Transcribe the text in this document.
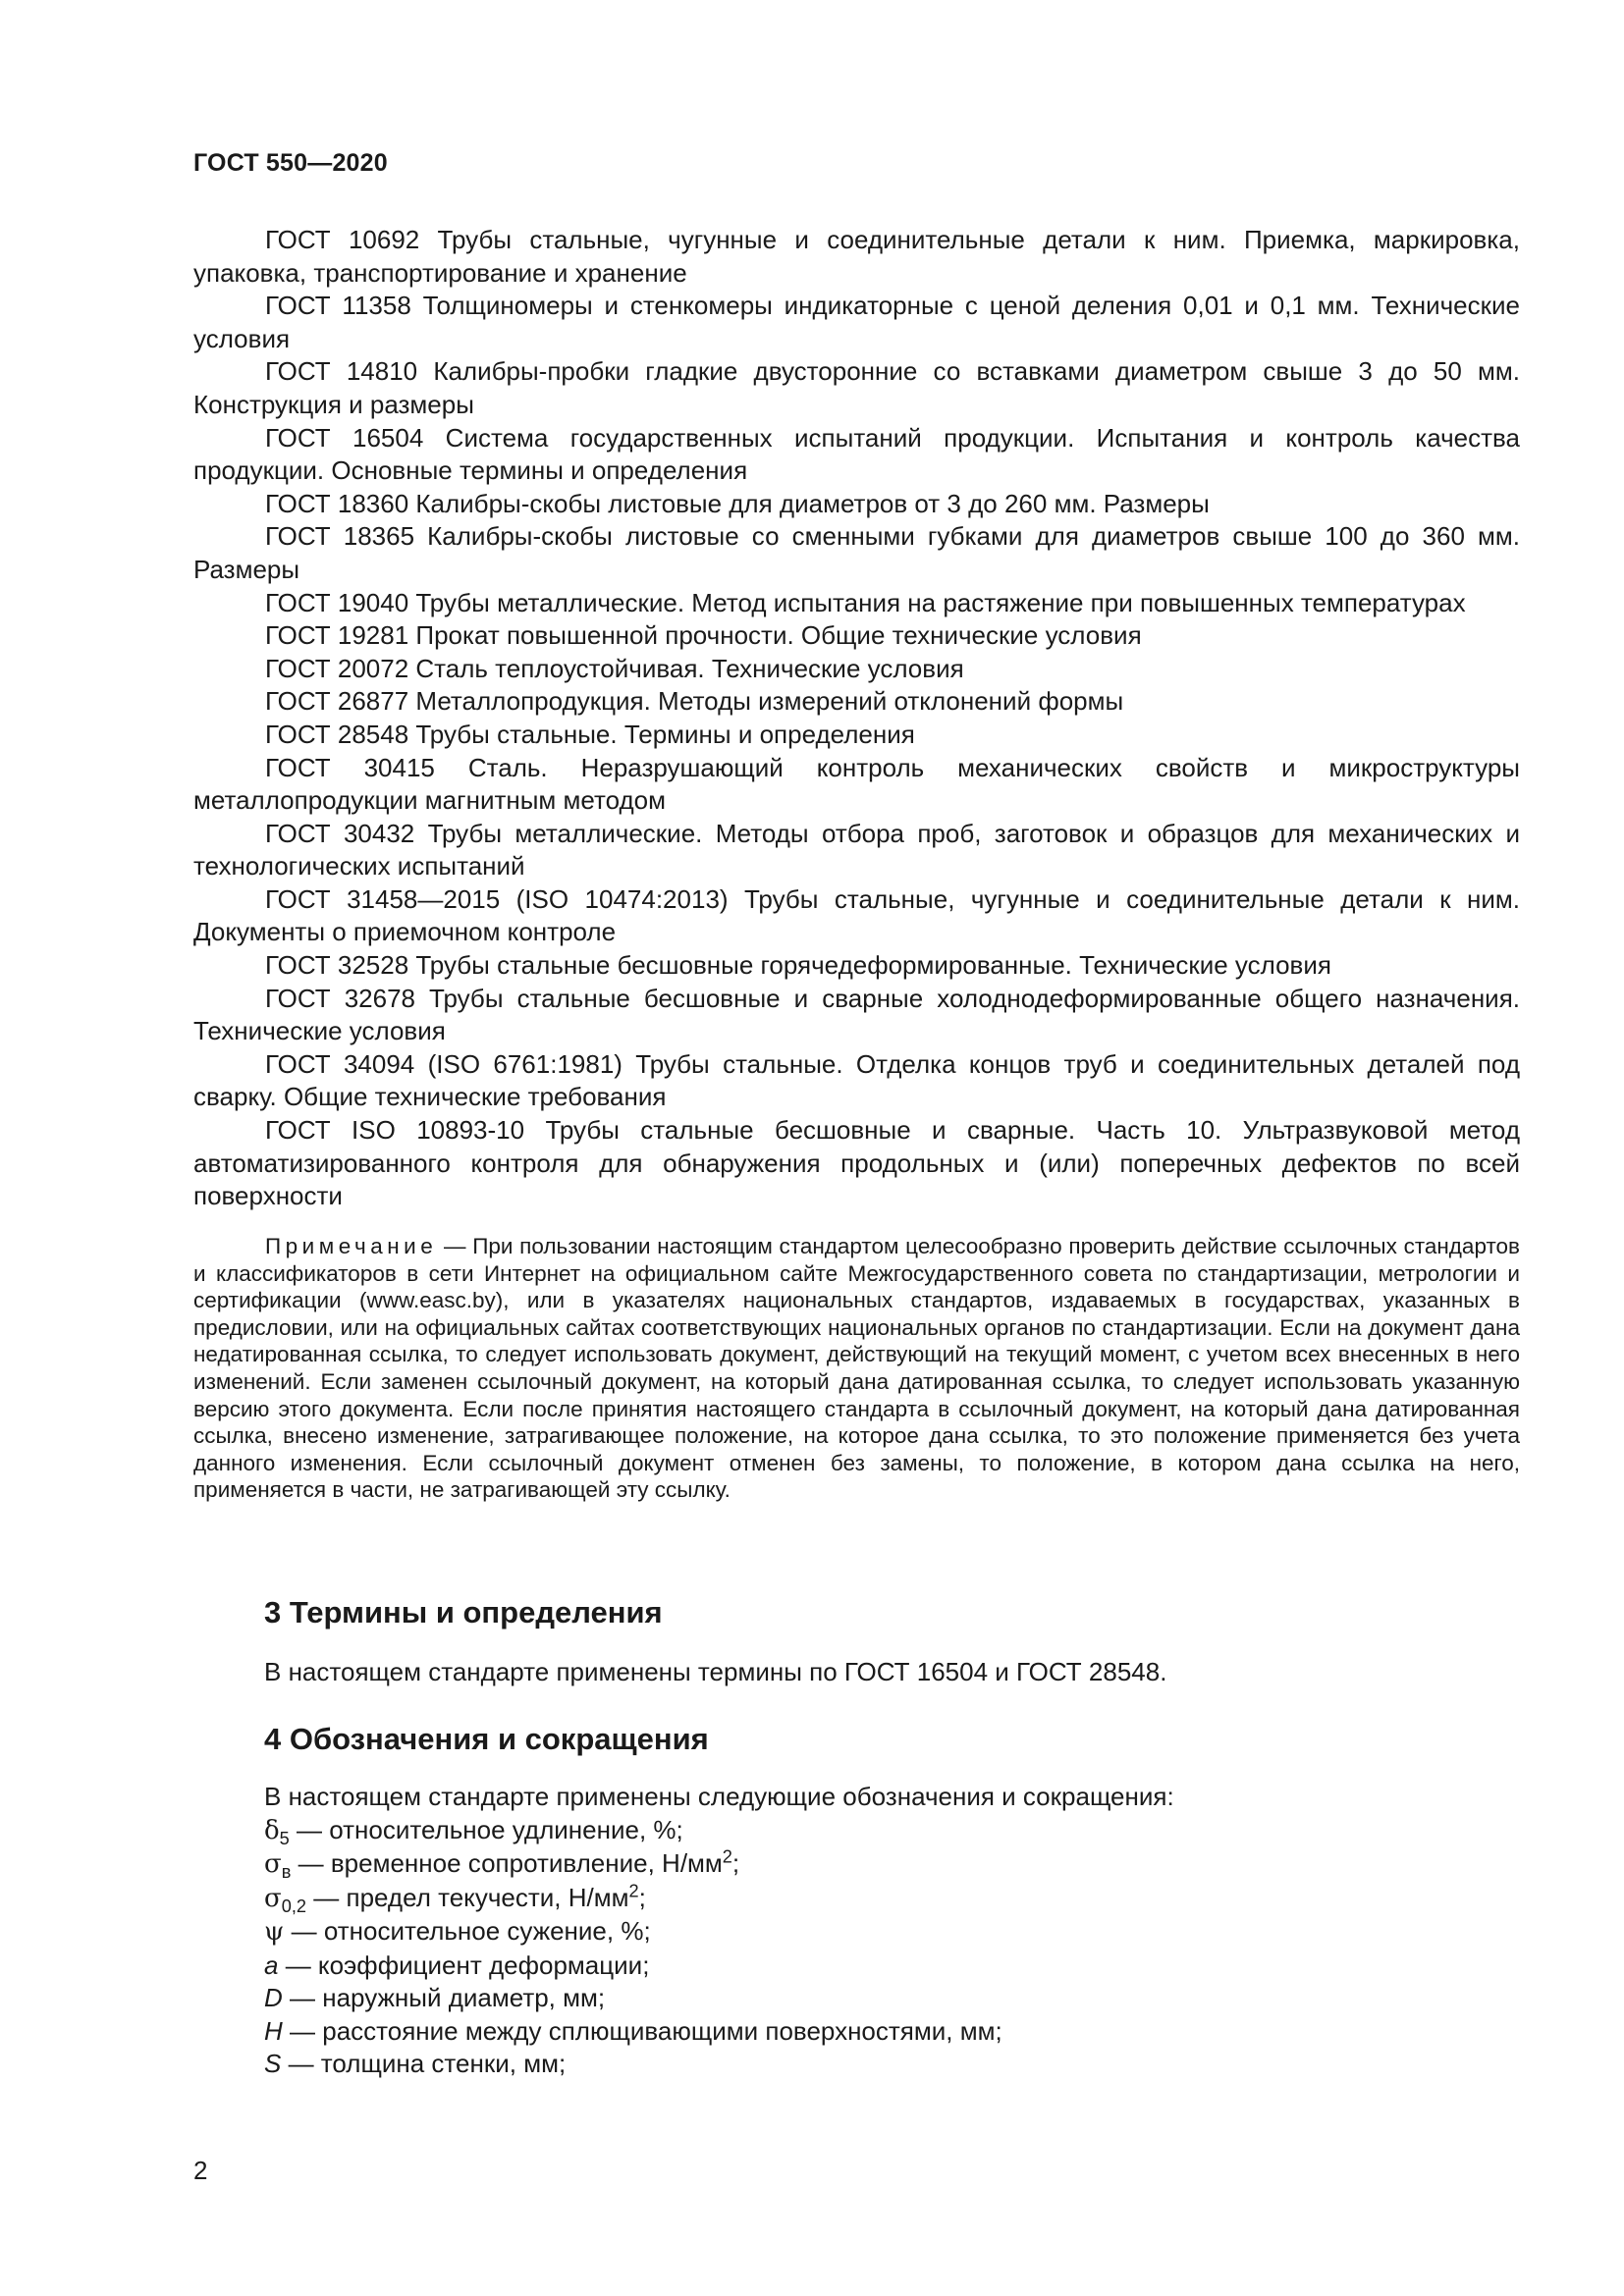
ГОСТ 550—2020

ГОСТ 10692 Трубы стальные, чугунные и соединительные детали к ним. Приемка, маркировка, упаковка, транспортирование и хранение

ГОСТ 11358 Толщиномеры и стенкомеры индикаторные с ценой деления 0,01 и 0,1 мм. Технические условия

ГОСТ 14810 Калибры-пробки гладкие двусторонние со вставками диаметром свыше 3 до 50 мм. Конструкция и размеры

ГОСТ 16504 Система государственных испытаний продукции. Испытания и контроль качества продукции. Основные термины и определения

ГОСТ 18360 Калибры-скобы листовые для диаметров от 3 до 260 мм. Размеры

ГОСТ 18365 Калибры-скобы листовые со сменными губками для диаметров свыше 100 до 360 мм. Размеры

ГОСТ 19040 Трубы металлические. Метод испытания на растяжение при повышенных температурах

ГОСТ 19281 Прокат повышенной прочности. Общие технические условия

ГОСТ 20072 Сталь теплоустойчивая. Технические условия

ГОСТ 26877 Металлопродукция. Методы измерений отклонений формы

ГОСТ 28548 Трубы стальные. Термины и определения

ГОСТ 30415 Сталь. Неразрушающий контроль механических свойств и микроструктуры металлопродукции магнитным методом

ГОСТ 30432 Трубы металлические. Методы отбора проб, заготовок и образцов для механических и технологических испытаний

ГОСТ 31458—2015 (ISO 10474:2013) Трубы стальные, чугунные и соединительные детали к ним. Документы о приемочном контроле

ГОСТ 32528 Трубы стальные бесшовные горячедеформированные. Технические условия

ГОСТ 32678 Трубы стальные бесшовные и сварные холоднодеформированные общего назначения. Технические условия

ГОСТ 34094 (ISO 6761:1981) Трубы стальные. Отделка концов труб и соединительных деталей под сварку. Общие технические требования

ГОСТ ISO 10893-10 Трубы стальные бесшовные и сварные. Часть 10. Ультразвуковой метод автоматизированного контроля для обнаружения продольных и (или) поперечных дефектов по всей поверхности

Примечание — При пользовании настоящим стандартом целесообразно проверить действие ссылочных стандартов и классификаторов в сети Интернет на официальном сайте Межгосударственного совета по стандартизации, метрологии и сертификации (www.easc.by), или в указателях национальных стандартов, издаваемых в государствах, указанных в предисловии, или на официальных сайтах соответствующих национальных органов по стандартизации. Если на документ дана недатированная ссылка, то следует использовать документ, действующий на текущий момент, с учетом всех внесенных в него изменений. Если заменен ссылочный документ, на который дана датированная ссылка, то следует использовать указанную версию этого документа. Если после принятия настоящего стандарта в ссылочный документ, на который дана датированная ссылка, внесено изменение, затрагивающее положение, на которое дана ссылка, то это положение применяется без учета данного изменения. Если ссылочный документ отменен без замены, то положение, в котором дана ссылка на него, применяется в части, не затрагивающей эту ссылку.

3 Термины и определения

В настоящем стандарте применены термины по ГОСТ 16504 и ГОСТ 28548.

4 Обозначения и сокращения
В настоящем стандарте применены следующие обозначения и сокращения:
$\delta_5$ — относительное удлинение, %;
$\sigma_в$ — временное сопротивление, $Н/мм^2$;
$\sigma_{0,2}$ — предел текучести, $Н/мм^2$;
ψ — относительное сужение, %;
a — коэффициент деформации;
D — наружный диаметр, мм;
H — расстояние между сплющивающими поверхностями, мм;
S — толщина стенки, мм;
2
